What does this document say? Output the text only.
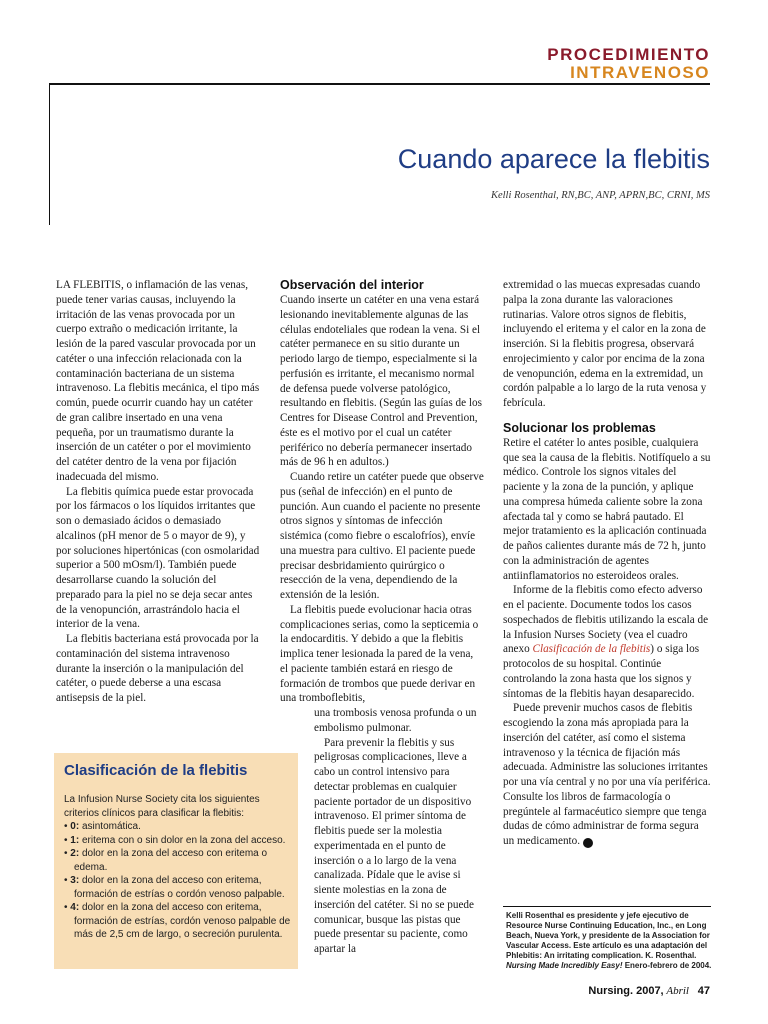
PROCEDIMIENTO
INTRAVENOSO
Cuando aparece la flebitis
Kelli Rosenthal, RN,BC, ANP, APRN,BC, CRNI, MS

LA FLEBITIS, o inflamación de las venas, puede tener varias causas, incluyendo la irritación de las venas provocada por un cuerpo extraño o medicación irritante, la lesión de la pared vascular provocada por un catéter o una infección relacionada con la contaminación bacteriana de un sistema intravenoso. La flebitis mecánica, el tipo más común, puede ocurrir cuando hay un catéter de gran calibre insertado en una vena pequeña, por un traumatismo durante la inserción de un catéter o por el movimiento del catéter dentro de la vena por fijación inadecuada del mismo.

La flebitis química puede estar provocada por los fármacos o los líquidos irritantes que son o demasiado ácidos o demasiado alcalinos (pH menor de 5 o mayor de 9), y por soluciones hipertónicas (con osmolaridad superior a 500 mOsm/l). También puede desarrollarse cuando la solución del preparado para la piel no se deja secar antes de la venopunción, arrastrándolo hacia el interior de la vena.

La flebitis bacteriana está provocada por la contaminación del sistema intravenoso durante la inserción o la manipulación del catéter, o puede deberse a una escasa antisepsis de la piel.

Clasificación de la flebitis

La Infusion Nurse Society cita los siguientes criterios clínicos para clasificar la flebitis:

• 0: asintomática.
• 1: eritema con o sin dolor en la zona del acceso.
• 2: dolor en la zona del acceso con eritema o edema.
• 3: dolor en la zona del acceso con eritema, formación de estrías o cordón venoso palpable.
• 4: dolor en la zona del acceso con eritema, formación de estrías, cordón venoso palpable de más de 2,5 cm de largo, o secreción purulenta.
Observación del interior

Cuando inserte un catéter en una vena estará lesionando inevitablemente algunas de las células endoteliales que rodean la vena. Si el catéter permanece en su sitio durante un periodo largo de tiempo, especialmente si la perfusión es irritante, el mecanismo normal de defensa puede volverse patológico, resultando en flebitis. (Según las guías de los Centres for Disease Control and Prevention, éste es el motivo por el cual un catéter periférico no debería permanecer insertado más de 96 h en adultos.)

Cuando retire un catéter puede que observe pus (señal de infección) en el punto de punción. Aun cuando el paciente no presente otros signos y síntomas de infección sistémica (como fiebre o escalofríos), envíe una muestra para cultivo. El paciente puede precisar desbridamiento quirúrgico o resección de la vena, dependiendo de la extensión de la lesión.

La flebitis puede evolucionar hacia otras complicaciones serias, como la septicemia o la endocarditis. Y debido a que la flebitis implica tener lesionada la pared de la vena, el paciente también estará en riesgo de formación de trombos que puede derivar en una tromboflebitis,

una trombosis venosa profunda o un embolismo pulmonar.

Para prevenir la flebitis y sus peligrosas complicaciones, lleve a cabo un control intensivo para detectar problemas en cualquier paciente portador de un dispositivo intravenoso. El primer síntoma de flebitis puede ser la molestia experimentada en el punto de inserción o a lo largo de la vena canalizada. Pídale que le avise si siente molestias en la zona de inserción del catéter. Si no se puede comunicar, busque las pistas que puede presentar su paciente, como apartar la

extremidad o las muecas expresadas cuando palpa la zona durante las valoraciones rutinarias. Valore otros signos de flebitis, incluyendo el eritema y el calor en la zona de inserción. Si la flebitis progresa, observará enrojecimiento y calor por encima de la zona de venopunción, edema en la extremidad, un cordón palpable a lo largo de la ruta venosa y febrícula.

Solucionar los problemas

Retire el catéter lo antes posible, cualquiera que sea la causa de la flebitis. Notifíquelo a su médico. Controle los signos vitales del paciente y la zona de la punción, y aplique una compresa húmeda caliente sobre la zona afectada tal y como se habrá pautado. El mejor tratamiento es la aplicación continuada de paños calientes durante más de 72 h, junto con la administración de agentes antiinflamatorios no esteroideos orales.

Informe de la flebitis como efecto adverso en el paciente. Documente todos los casos sospechados de flebitis utilizando la escala de la Infusion Nurses Society (vea el cuadro anexo Clasificación de la flebitis) o siga los protocolos de su hospital. Continúe controlando la zona hasta que los signos y síntomas de la flebitis hayan desaparecido.

Puede prevenir muchos casos de flebitis escogiendo la zona más apropiada para la inserción del catéter, así como el sistema intravenoso y la técnica de fijación más adecuada. Administre las soluciones irritantes por una vía central y no por una vía periférica. Consulte los libros de farmacología o pregúntele al farmacéutico siempre que tenga dudas de cómo administrar de forma segura un medicamento. N

Kelli Rosenthal es presidente y jefe ejecutivo de Resource Nurse Continuing Education, Inc., en Long Beach, Nueva York, y presidente de la Association for Vascular Access. Este artículo es una adaptación del Phlebitis: An irritating complication. K. Rosenthal. Nursing Made Incredibly Easy! Enero-febrero de 2004.
Nursing. 2007, Abril 47
